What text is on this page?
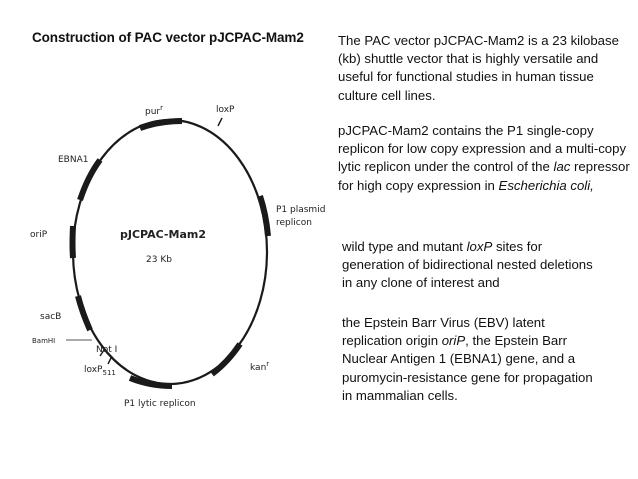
Construction of PAC vector pJCPAC-Mam2
pJCPAC-Mam2
23 Kb
pur$^r$	loxP
EBNA1
P1 plasmid
replicon
oriP
sacB
BamHI
Not I
loxP$_{511}$	kan$^r$
P1 lytic replicon
The PAC vector pJCPAC-Mam2 is a 23 kilobase (kb) shuttle vector that is highly versatile and useful for functional studies in human tissue culture cell lines.
pJCPAC-Mam2 contains the P1 single-copy replicon for low copy expression and a multi-copy lytic replicon under the control of the lac repressor for high copy expression in Escherichia coli,
wild type and mutant loxP sites for generation of bidirectional nested deletions in any clone of interest and
the Epstein Barr Virus (EBV) latent replication origin oriP, the Epstein Barr Nuclear Antigen 1 (EBNA1) gene, and a puromycin-resistance gene for propagation in mammalian cells.
